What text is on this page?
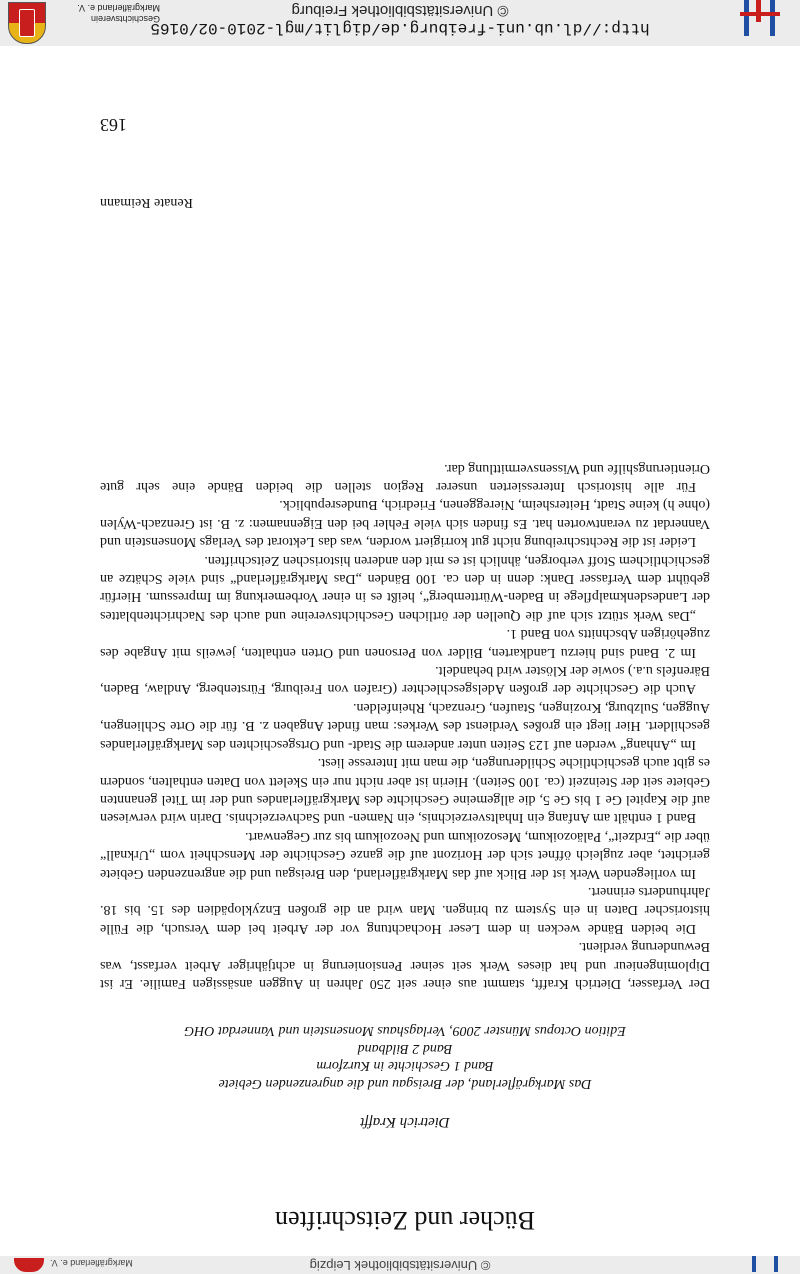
Geschichtsverein Markgräflerland e. V.
http://dl.ub.uni-freiburg.de/diglit/mgl-2010-02/0165
© Universitätsbibliothek Freiburg
Bücher und Zeitschriften
Dietrich Krafft
Das Markgräflerland, der Breisgau und die angrenzenden Gebiete
Band 1 Geschichte in Kurzform
Band 2 Bildband
Edition Octopus Münster 2009, Verlagshaus Monsenstein und Vannerdat OHG

Der Verfasser, Dietrich Krafft, stammt aus einer seit 250 Jahren in Auggen ansässigen Familie. Er ist Diplomingenieur und hat dieses Werk seit seiner Pensionierung in achtjähriger Arbeit verfasst, was Bewunderung verdient.

Die beiden Bände wecken in dem Leser Hochachtung vor der Arbeit bei dem Versuch, die Fülle historischer Daten in ein System zu bringen. Man wird an die großen Enzyklopädien des 15. bis 18. Jahrhunderts erinnert.

Im vorliegenden Werk ist der Blick auf das Markgräflerland, den Breisgau und die angrenzenden Gebiete gerichtet, aber zugleich öffnet sich der Horizont auf die ganze Geschichte der Menschheit vom „Urknall“ über die „Erdzeit“, Paläozoikum, Mesozoikum und Neozoikum bis zur Gegenwart.

Band 1 enthält am Anfang ein Inhaltsverzeichnis, ein Namen- und Sachverzeichnis. Darin wird verwiesen auf die Kapitel Ge 1 bis Ge 5, die allgemeine Geschichte des Markgräflerlandes und der im Titel genannten Gebiete seit der Steinzeit (ca. 100 Seiten). Hierin ist aber nicht nur ein Skelett von Daten enthalten, sondern es gibt auch geschichtliche Schilderungen, die man mit Interesse liest.

Im „Anhang“ werden auf 123 Seiten unter anderem die Stadt- und Ortsgeschichten des Markgräflerlandes geschildert. Hier liegt ein großes Verdienst des Werkes: man findet Angaben z. B. für die Orte Schliengen, Auggen, Sulzburg, Krozingen, Staufen, Grenzach, Rheinfelden.

Auch die Geschichte der großen Adelsgeschlechter (Grafen von Freiburg, Fürstenberg, Andlaw, Baden, Bärenfels u.a.) sowie der Klöster wird behandelt.

Im 2. Band sind hierzu Landkarten, Bilder von Personen und Orten enthalten, jeweils mit Angabe des zugehörigen Abschnitts von Band 1.

„Das Werk stützt sich auf die Quellen der örtlichen Geschichtsvereine und auch des Nachrichtenblattes der Landesdenkmalpflege in Baden-Württemberg“, heißt es in einer Vorbemerkung im Impressum. Hierfür gebührt dem Verfasser Dank: denn in den ca. 100 Bänden „Das Markgräflerland“ sind viele Schätze an geschichtlichem Stoff verborgen, ähnlich ist es mit den anderen historischen Zeitschriften.

Leider ist die Rechtschreibung nicht gut korrigiert worden, was das Lektorat des Verlags Monsenstein und Vannerdat zu verantworten hat. Es finden sich viele Fehler bei den Eigennamen: z. B. ist Grenzach-Wylen (ohne h) keine Stadt, Heitersheim, Niereggenen, Friedrich, Bundesrepublick.

Für alle historisch Interessierten unserer Region stellen die beiden Bände eine sehr gute Orientierungshilfe und Wissensvermittlung dar.

Renate Reimann
163
Markgräflerland e. V.	© Universitätsbibliothek Leipzig
